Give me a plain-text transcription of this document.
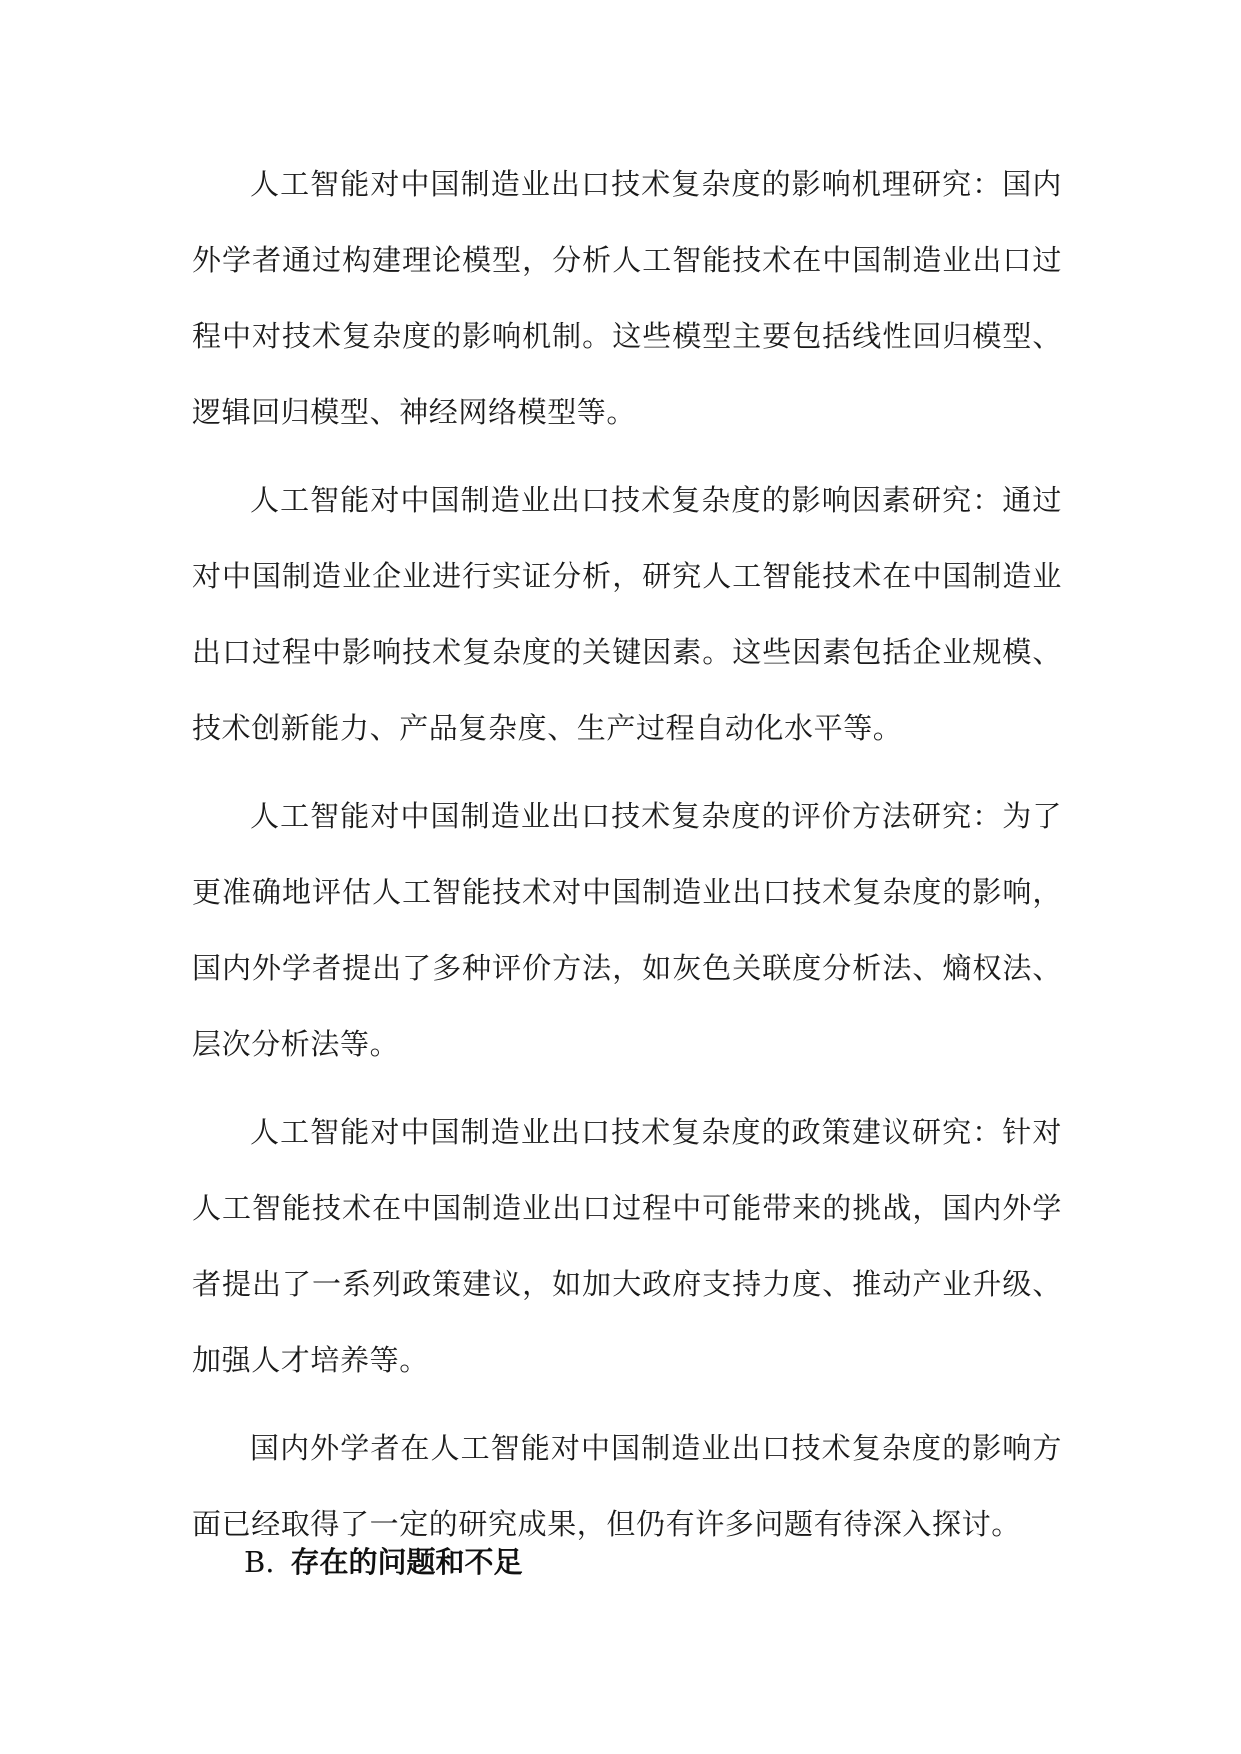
人工智能对中国制造业出口技术复杂度的影响机理研究：国内外学者通过构建理论模型，分析人工智能技术在中国制造业出口过程中对技术复杂度的影响机制。这些模型主要包括线性回归模型、逻辑回归模型、神经网络模型等。

人工智能对中国制造业出口技术复杂度的影响因素研究：通过对中国制造业企业进行实证分析，研究人工智能技术在中国制造业出口过程中影响技术复杂度的关键因素。这些因素包括企业规模、技术创新能力、产品复杂度、生产过程自动化水平等。

人工智能对中国制造业出口技术复杂度的评价方法研究：为了更准确地评估人工智能技术对中国制造业出口技术复杂度的影响，国内外学者提出了多种评价方法，如灰色关联度分析法、熵权法、层次分析法等。

人工智能对中国制造业出口技术复杂度的政策建议研究：针对人工智能技术在中国制造业出口过程中可能带来的挑战，国内外学者提出了一系列政策建议，如加大政府支持力度、推动产业升级、加强人才培养等。

国内外学者在人工智能对中国制造业出口技术复杂度的影响方面已经取得了一定的研究成果，但仍有许多问题有待深入探讨。

B. 存在的问题和不足
